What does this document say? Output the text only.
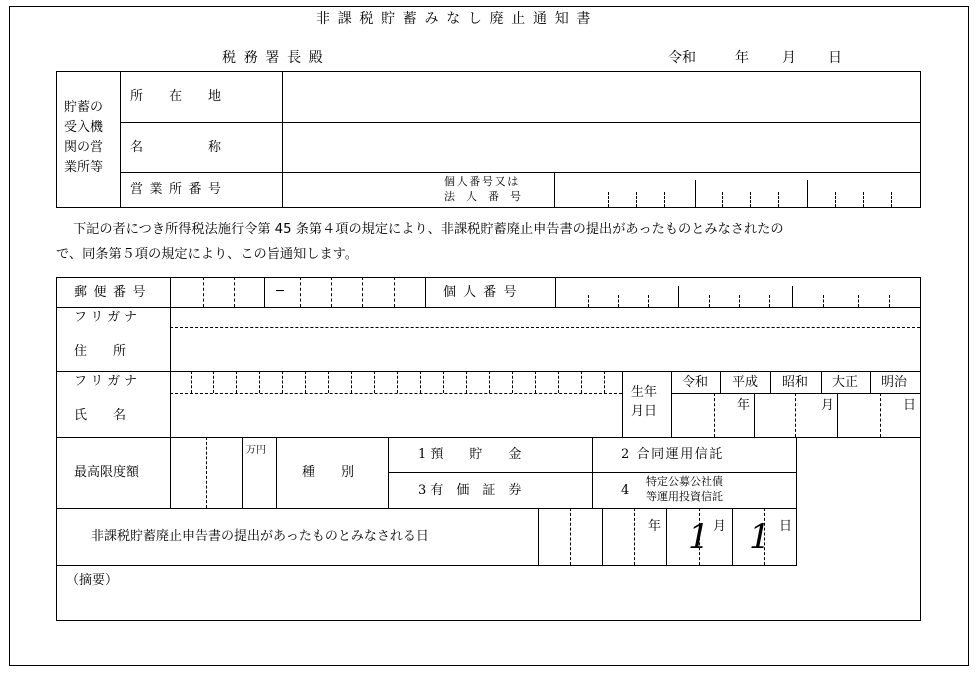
非課税貯蓄みなし廃止通知書
税務署長殿	令和	年 月 日
貯蓄の
受入機
関の営
業所等
所　　在　　地
名　　　　　称
営業所番号
個人番号又は
法　人　番　号
下記の者につき所得税法施行令第 45 条第４項の規定により、非課税貯蓄廃止申告書の提出があったものとみなされたの
で、同条第５項の規定により、この旨通知します。
郵便番号	─	個人番号
フリガナ
住　　所
フリガナ
氏　　名
生年
月日
令和 平成 昭和 大正 明治
年	月	日
最高限度額
万円
種　　別
1 預　　貯　　金	2 合同運用信託
3 有　価　証　券	4
特定公募公社債
等運用投資信託
非課税貯蓄廃止申告書の提出があったものとみなされる日
年 1 月 1 日
（摘要）
